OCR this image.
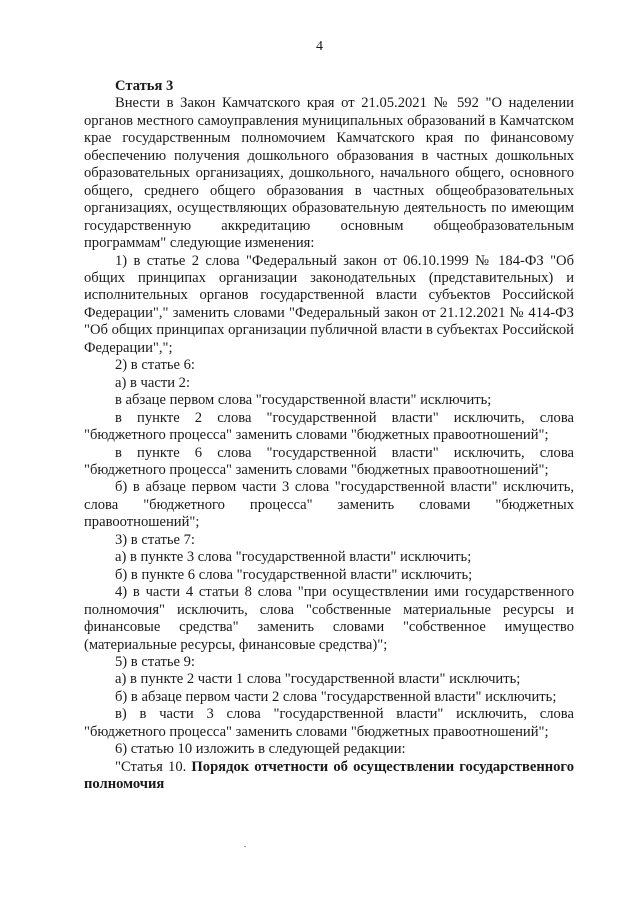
4

Статья 3

Внести в Закон Камчатского края от 21.05.2021 № 592 "О наделении органов местного самоуправления муниципальных образований в Камчатском крае государственным полномочием Камчатского края по финансовому обеспечению получения дошкольного образования в частных дошкольных образовательных организациях, дошкольного, начального общего, основного общего, среднего общего образования в частных общеобразовательных организациях, осуществляющих образовательную деятельность по имеющим государственную аккредитацию основным общеобразовательным программам" следующие изменения:

1) в статье 2 слова "Федеральный закон от 06.10.1999 № 184-ФЗ "Об общих принципах организации законодательных (представительных) и исполнительных органов государственной власти субъектов Российской Федерации"," заменить словами "Федеральный закон от 21.12.2021 № 414-ФЗ "Об общих принципах организации публичной власти в субъектах Российской Федерации",";

2) в статье 6:

а) в части 2:

в абзаце первом слова "государственной власти" исключить;

в пункте 2 слова "государственной власти" исключить, слова "бюджетного процесса" заменить словами "бюджетных правоотношений";

в пункте 6 слова "государственной власти" исключить, слова "бюджетного процесса" заменить словами "бюджетных правоотношений";

б) в абзаце первом части 3 слова "государственной власти" исключить, слова "бюджетного процесса" заменить словами "бюджетных правоотношений";

3) в статье 7:

а) в пункте 3 слова "государственной власти" исключить;

б) в пункте 6 слова "государственной власти" исключить;

4) в части 4 статьи 8 слова "при осуществлении ими государственного полномочия" исключить, слова "собственные материальные ресурсы и финансовые средства" заменить словами "собственное имущество (материальные ресурсы, финансовые средства)";

5) в статье 9:

а) в пункте 2 части 1 слова "государственной власти" исключить;

б) в абзаце первом части 2 слова "государственной власти" исключить;

в) в части 3 слова "государственной власти" исключить, слова "бюджетного процесса" заменить словами "бюджетных правоотношений";

6) статью 10 изложить в следующей редакции:

"Статья 10. Порядок отчетности об осуществлении государственного полномочия
